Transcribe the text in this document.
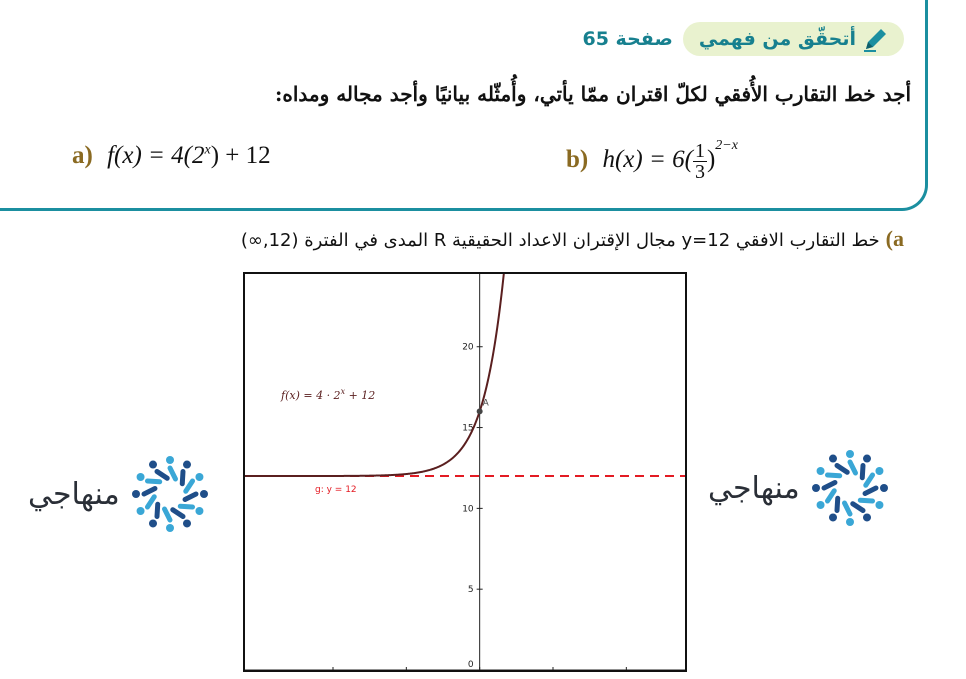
أتحقّق من فهمي
صفحة 65
أجد خط التقارب الأُفقي لكلّ اقتران ممّا يأتي، وأُمثّله بيانيًا وأجد مجاله ومداه:
a) $f(x) = 4(2^x) + 12$	b) $h(x) = 6( \frac{1}{3} )^{2-x}$
a)خط التقارب الافقي y=12 مجال الإقتران الاعداد الحقيقية R المدى في الفترة (12,∞)
5
10
15
20
0
A
$f(x) = 4 \cdot 2^x + 12$
g: y = 12
منهاجي	منهاجي
